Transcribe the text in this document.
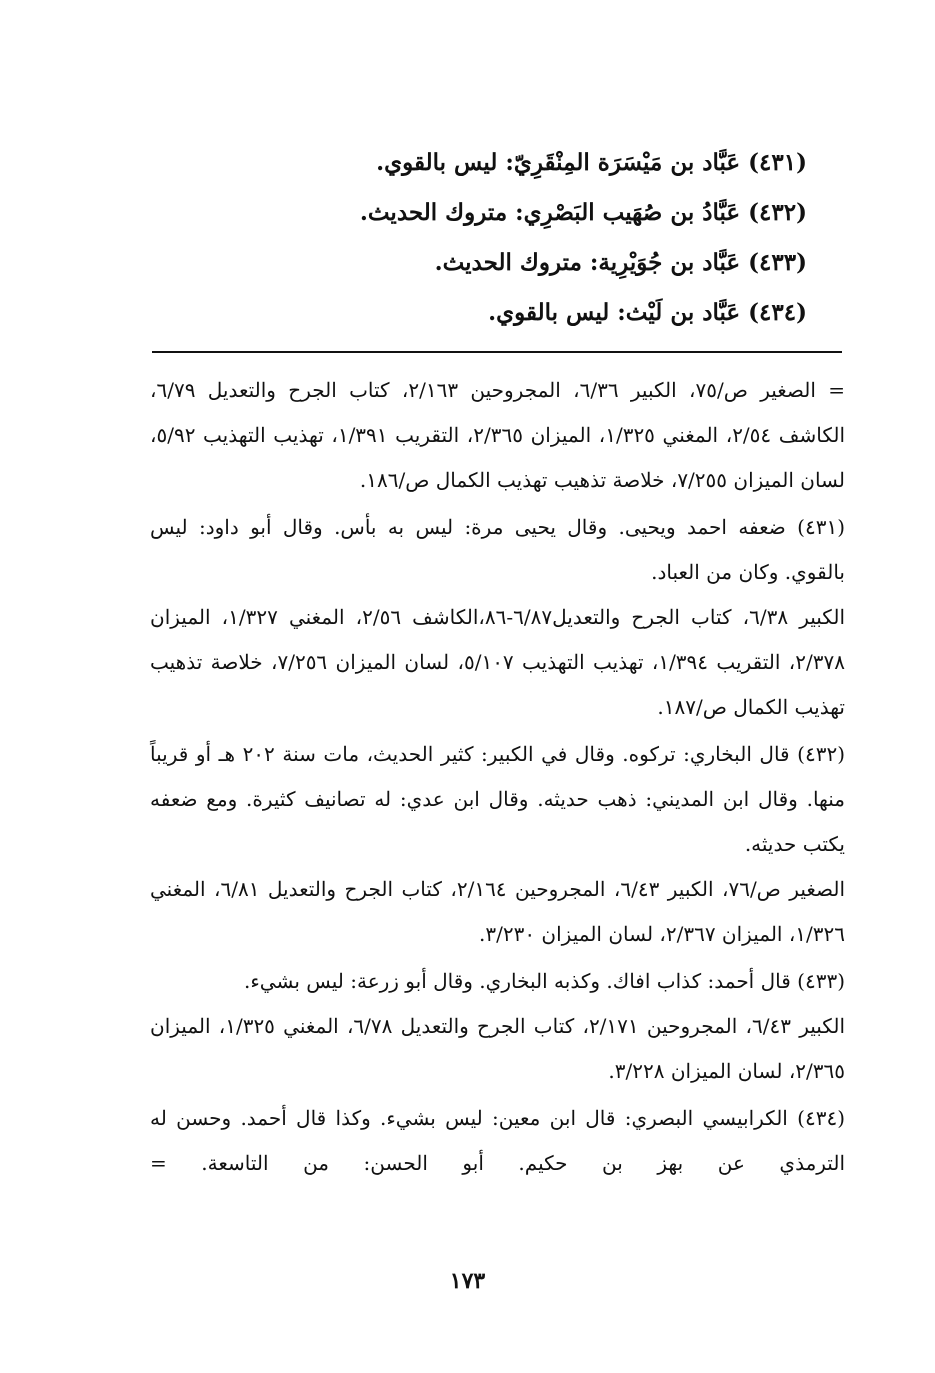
(٤٣١) عَبَّاد بن مَيْسَرَة المِنْقَرِيّ: ليس بالقوي.
(٤٣٢) عَبَّادُ بن صُهَيب البَصْرِي: متروك الحديث.
(٤٣٣) عَبَّاد بن جُوَيْرِية: متروك الحديث.
(٤٣٤) عَبَّاد بن لَيْث: ليس بالقوي.

= الصغير ص/٧٥، الكبير ٦/٣٦، المجروحين ٢/١٦٣، كتاب الجرح والتعديل ٦/٧٩، الكاشف ٢/٥٤، المغني ١/٣٢٥، الميزان ٢/٣٦٥، التقريب ١/٣٩١، تهذيب التهذيب ٥/٩٢، لسان الميزان ٧/٢٥٥، خلاصة تذهيب تهذيب الكمال ص/١٨٦.

(٤٣١) ضعفه احمد ويحيى. وقال يحيى مرة: ليس به بأس. وقال أبو داود: ليس بالقوي. وكان من العباد.

الكبير ٦/٣٨، كتاب الجرح والتعديل٦/٨٧-٨٦،الكاشف ٢/٥٦، المغني ١/٣٢٧، الميزان ٢/٣٧٨، التقريب ١/٣٩٤، تهذيب التهذيب ٥/١٠٧، لسان الميزان ٧/٢٥٦، خلاصة تذهيب تهذيب الكمال ص/١٨٧.

(٤٣٢) قال البخاري: تركوه. وقال في الكبير: كثير الحديث، مات سنة ٢٠٢ هـ أو قريباً منها. وقال ابن المديني: ذهب حديثه. وقال ابن عدي: له تصانيف كثيرة. ومع ضعفه يكتب حديثه.

الصغير ص/٧٦، الكبير ٦/٤٣، المجروحين ٢/١٦٤، كتاب الجرح والتعديل ٦/٨١، المغني ١/٣٢٦، الميزان ٢/٣٦٧، لسان الميزان ٣/٢٣٠.

(٤٣٣) قال أحمد: كذاب افاك. وكذبه البخاري. وقال أبو زرعة: ليس بشيء.

الكبير ٦/٤٣، المجروحين ٢/١٧١، كتاب الجرح والتعديل ٦/٧٨، المغني ١/٣٢٥، الميزان ٢/٣٦٥، لسان الميزان ٣/٢٢٨.

(٤٣٤) الكرابيسي البصري: قال ابن معين: ليس بشيء. وكذا قال أحمد. وحسن له الترمذي عن بهز بن حكيم. أبو الحسن: من التاسعة. =

١٧٣
